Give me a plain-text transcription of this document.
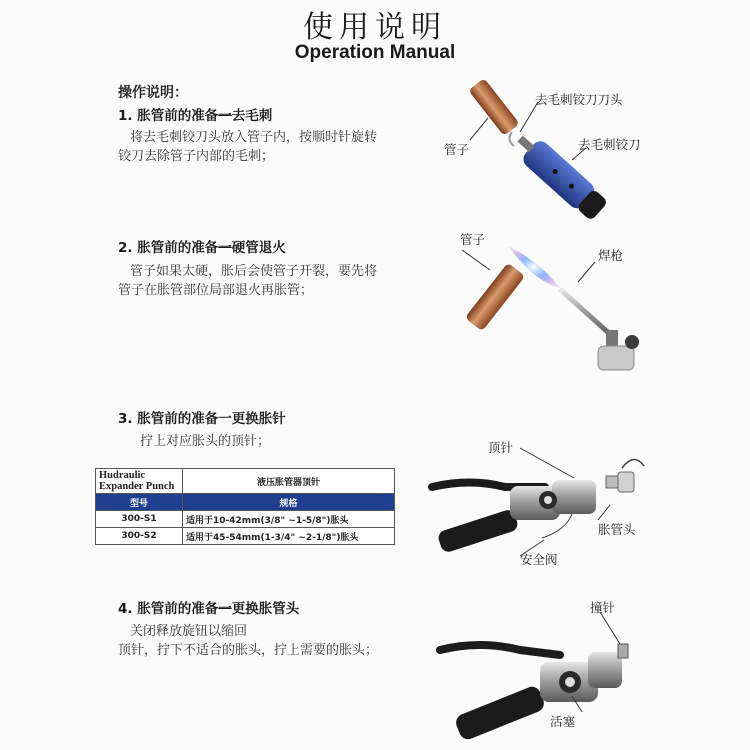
使用说明
Operation Manual
操作说明：
1. 胀管前的准备一去毛刺
将去毛刺铰刀头放入管子内，按顺时针旋转
铰刀去除管子内部的毛刺；
2. 胀管前的准备一硬管退火
管子如果太硬，胀后会使管子开裂，要先将
管子在胀管部位局部退火再胀管；
3. 胀管前的准备一更换胀针
拧上对应胀头的顶针；
Hudraulic Expander Punch	液压胀管器顶针
型号	规格
300-S1	适用于10-42mm(3/8" ~1-5/8")胀头
300-S2	适用于45-54mm(1-3/4" ~2-1/8")胀头
4. 胀管前的准备一更换胀管头
关闭释放旋钮以缩回
顶针，拧下不适合的胀头，拧上需要的胀头；
去毛刺铰刀刀头
管子	去毛刺铰刀
管子
焊枪
顶针
胀管头
安全阀
撞针
活塞
